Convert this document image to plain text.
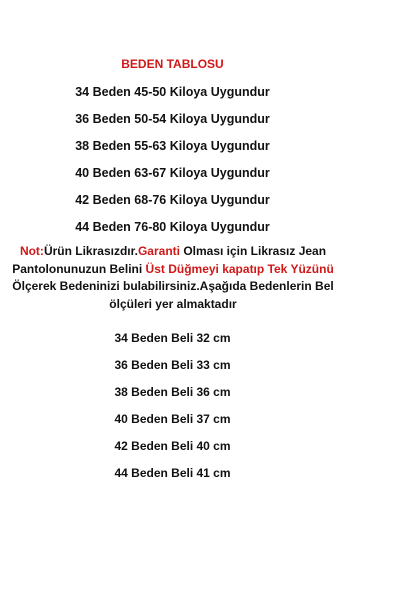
BEDEN TABLOSU
34 Beden 45-50 Kiloya Uygundur
36 Beden 50-54 Kiloya Uygundur
38 Beden 55-63 Kiloya Uygundur
40 Beden 63-67 Kiloya Uygundur
42 Beden 68-76 Kiloya Uygundur
44 Beden 76-80 Kiloya Uygundur

Not:Ürün Likrasızdır.Garanti Olması için Likrasız Jean Pantolonunuzun Belini Üst Düğmeyi kapatıp Tek Yüzünü Ölçerek Bedeninizi bulabilirsiniz.Aşağıda Bedenlerin Bel ölçüleri yer almaktadır

34 Beden Beli 32 cm
36 Beden Beli 33 cm
38 Beden Beli 36 cm
40 Beden Beli 37 cm
42 Beden Beli 40 cm
44 Beden Beli 41 cm
